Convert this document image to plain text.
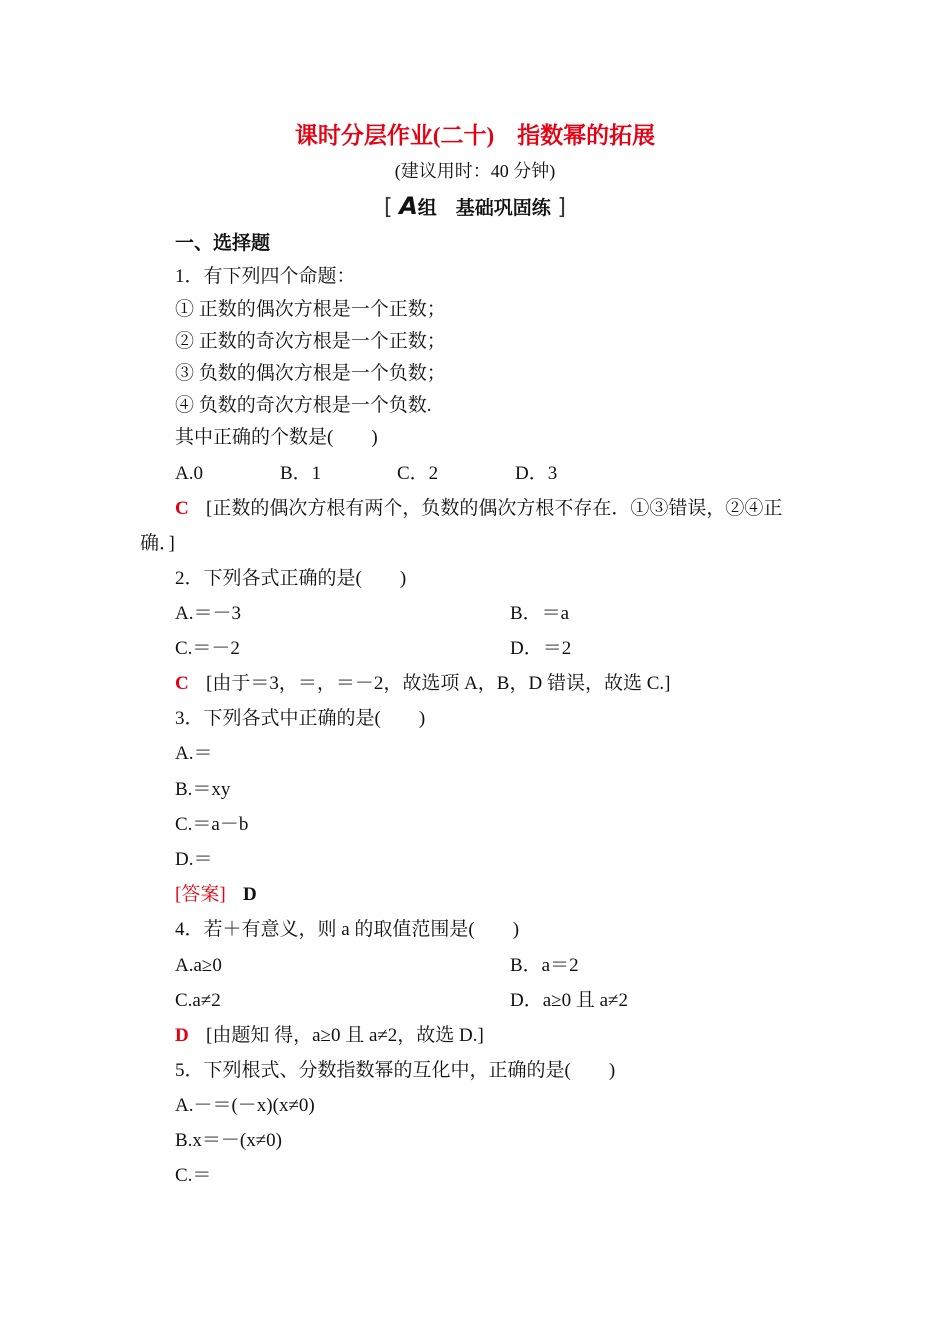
课时分层作业(二十)　指数幂的拓展
(建议用时：40 分钟)
[ A组　基础巩固练 ]
一、选择题
1．有下列四个命题：
① 正数的偶次方根是一个正数；
② 正数的奇次方根是一个正数；
③ 负数的偶次方根是一个负数；
④ 负数的奇次方根是一个负数.
其中正确的个数是(　　)
A.0	B．1	C．2	D．3
C [正数的偶次方根有两个，负数的偶次方根不存在．①③错误，②④正
确．]
2．下列各式正确的是(　　)
A.＝－3	B．＝a
C.＝－2	D．＝2
C [由于＝3，＝，＝－2，故选项 A，B，D 错误，故选 C.]
3．下列各式中正确的是(　　)
A.＝
B.＝xy
C.＝a－b
D.＝
[答案] D
4．若＋有意义，则 a 的取值范围是(　　)
A.a≥0	B．a＝2
C.a≠2	D．a≥0 且 a≠2
D [由题知 得，a≥0 且 a≠2，故选 D.]
5．下列根式、分数指数幂的互化中，正确的是(　　)
A.－＝(－x)(x≠0)
B.x＝－(x≠0)
C.＝
